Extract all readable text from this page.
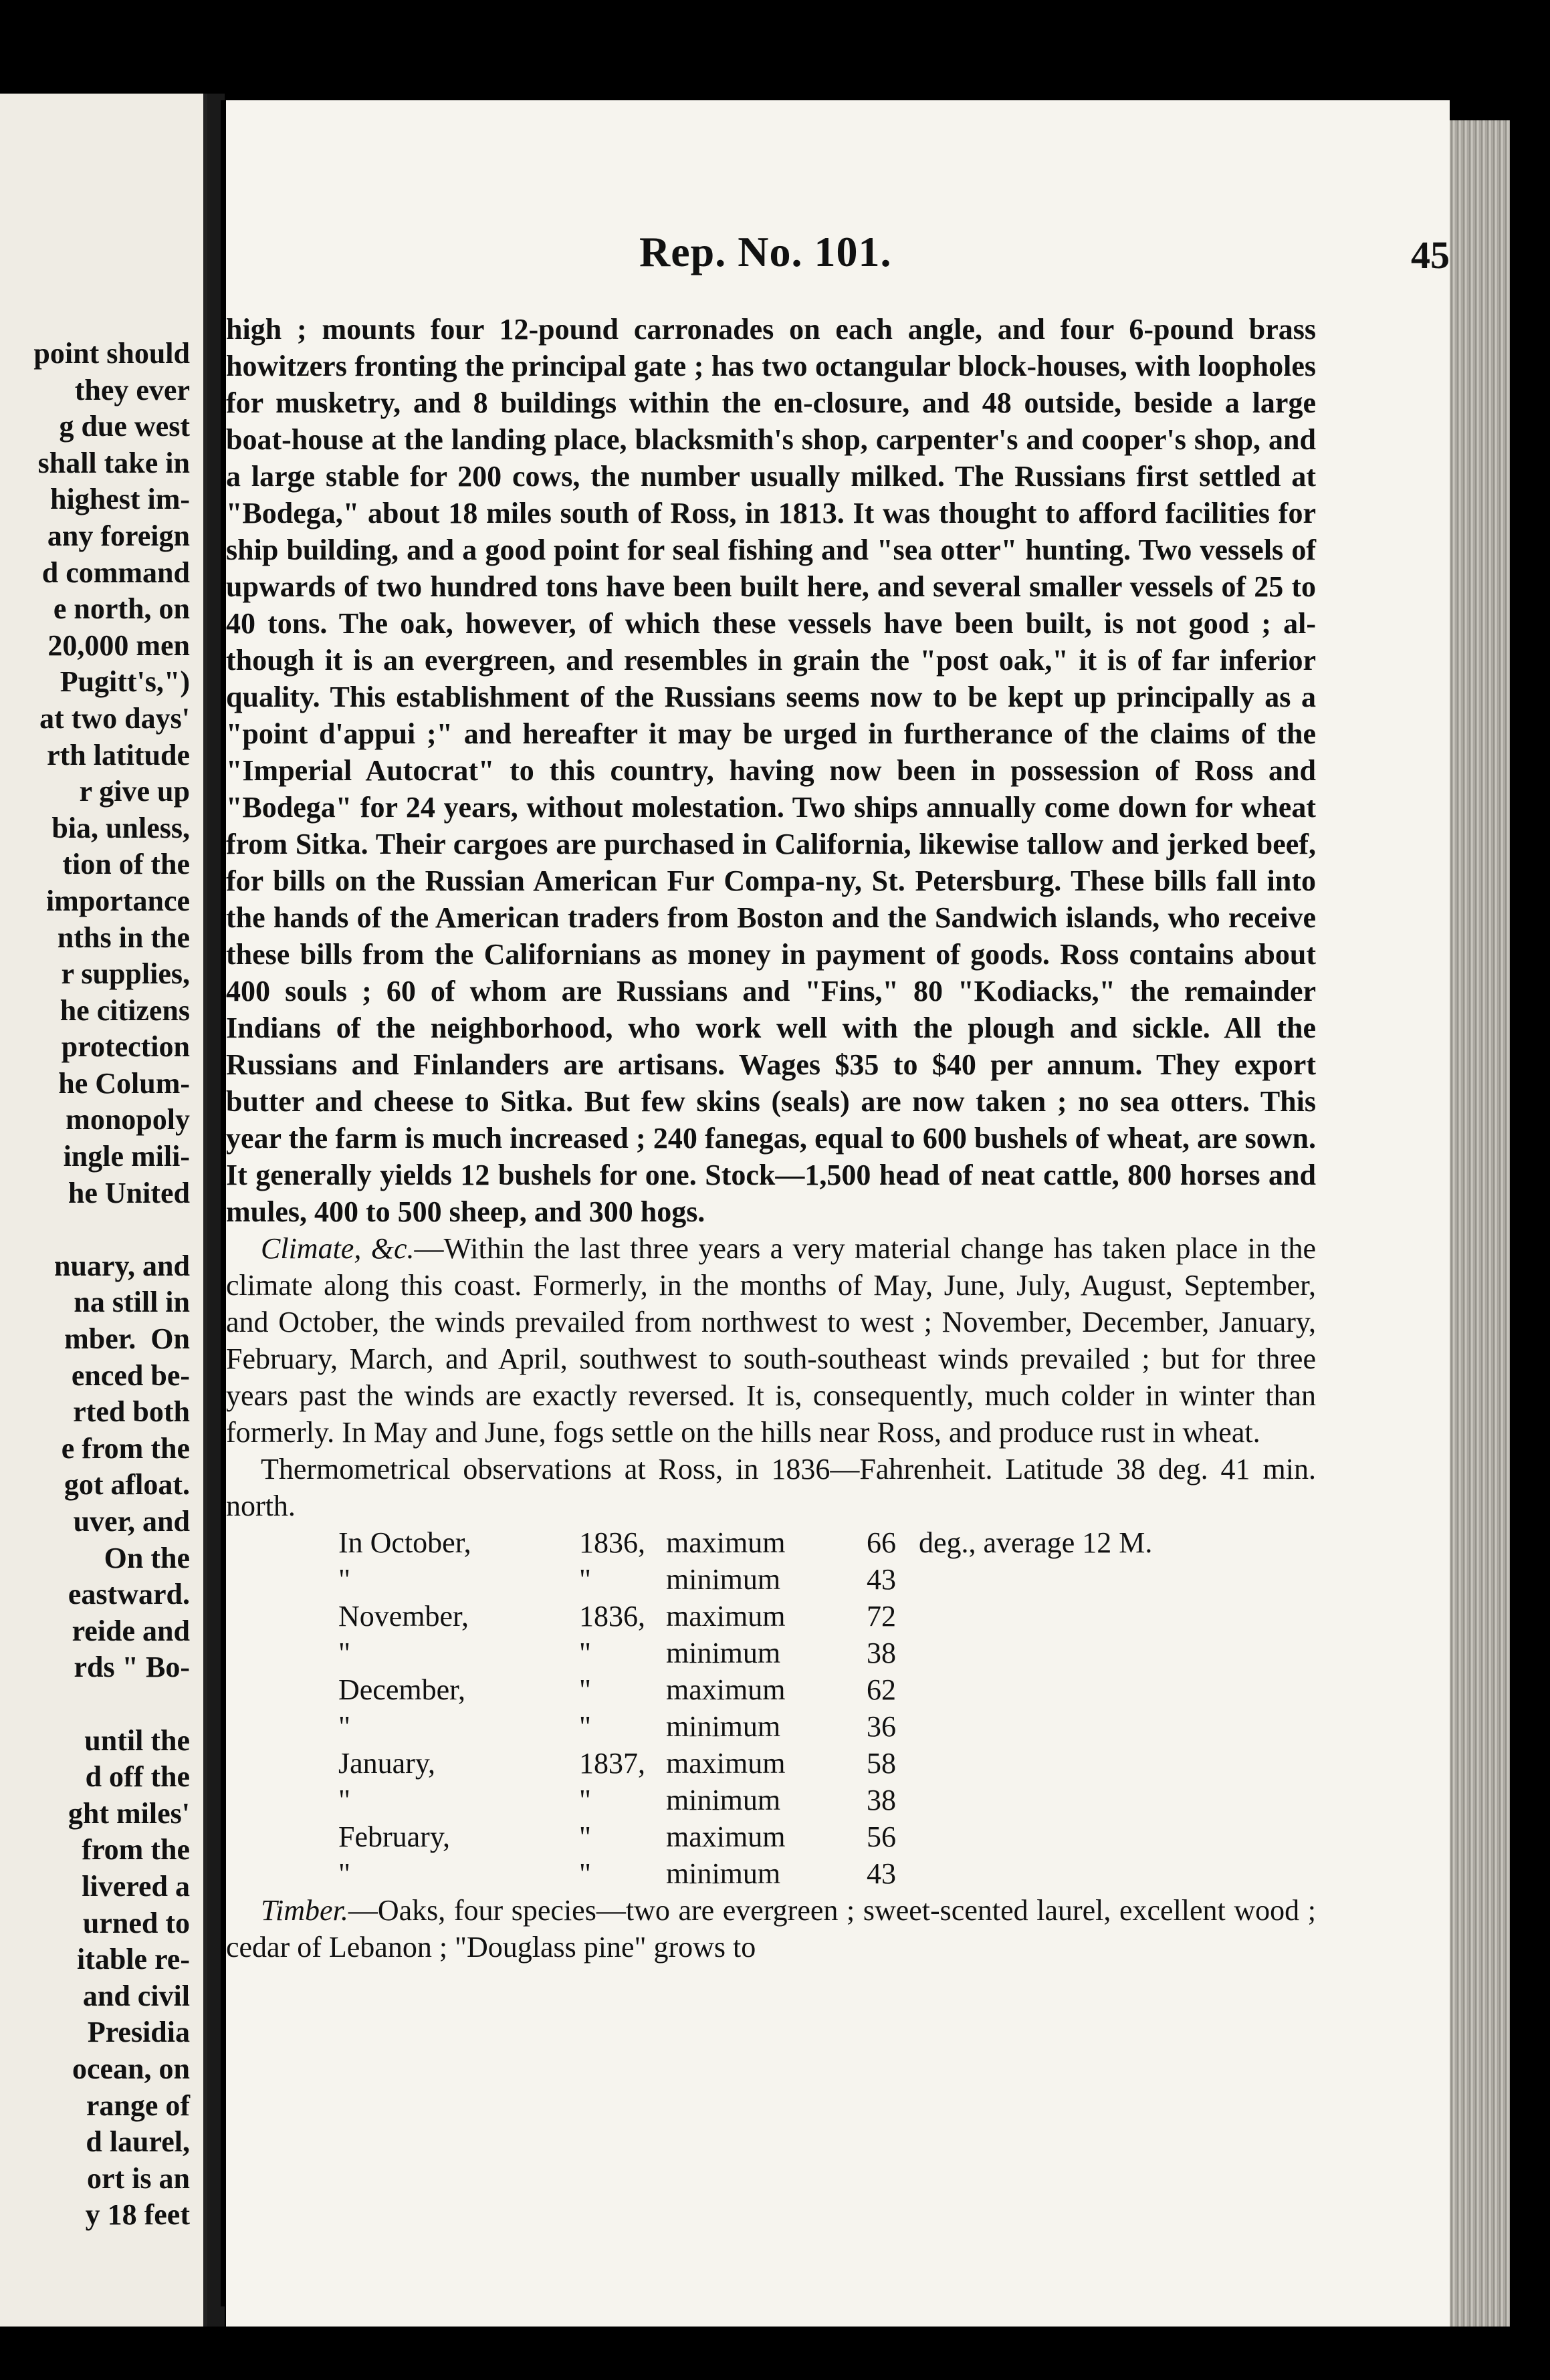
point should
they ever
g due west
shall take in
highest im-
any foreign
d command
e north, on
20,000 men
Pugitt's,")
at two days'
rth latitude
r give up
bia, unless,
tion of the
importance
nths in the
r supplies,
he citizens
protection
he Colum-
monopoly
ingle mili-
he United
nuary, and
na still in
mber.  On
enced be-
rted both
e from the
got afloat.
uver, and
On the
eastward.
reide and
rds " Bo-
until the
d off the
ght miles'
from the
livered a
urned to
itable re-
and civil
Presidia
ocean, on
range of
d laurel,
ort is an
y 18 feet
Rep. No. 101.	45

high ; mounts four 12-pound carronades on each angle, and four 6-pound brass howitzers fronting the principal gate ; has two octangular block-houses, with loopholes for musketry, and 8 buildings within the en-closure, and 48 outside, beside a large boat-house at the landing place, blacksmith's shop, carpenter's and cooper's shop, and a large stable for 200 cows, the number usually milked. The Russians first settled at "Bodega," about 18 miles south of Ross, in 1813. It was thought to afford facilities for ship building, and a good point for seal fishing and "sea otter" hunting. Two vessels of upwards of two hundred tons have been built here, and several smaller vessels of 25 to 40 tons. The oak, however, of which these vessels have been built, is not good ; al-though it is an evergreen, and resembles in grain the "post oak," it is of far inferior quality. This establishment of the Russians seems now to be kept up principally as a "point d'appui ;" and hereafter it may be urged in furtherance of the claims of the "Imperial Autocrat" to this country, having now been in possession of Ross and "Bodega" for 24 years, without molestation. Two ships annually come down for wheat from Sitka. Their cargoes are purchased in California, likewise tallow and jerked beef, for bills on the Russian American Fur Compa-ny, St. Petersburg. These bills fall into the hands of the American traders from Boston and the Sandwich islands, who receive these bills from the Californians as money in payment of goods. Ross contains about 400 souls ; 60 of whom are Russians and "Fins," 80 "Kodiacks," the remainder Indians of the neighborhood, who work well with the plough and sickle. All the Russians and Finlanders are artisans. Wages $35 to $40 per annum. They export butter and cheese to Sitka. But few skins (seals) are now taken ; no sea otters. This year the farm is much increased ; 240 fanegas, equal to 600 bushels of wheat, are sown. It generally yields 12 bushels for one. Stock—1,500 head of neat cattle, 800 horses and mules, 400 to 500 sheep, and 300 hogs.

Climate, &c.—Within the last three years a very material change has taken place in the climate along this coast. Formerly, in the months of May, June, July, August, September, and October, the winds prevailed from northwest to west ; November, December, January, February, March, and April, southwest to south-southeast winds prevailed ; but for three years past the winds are exactly reversed. It is, consequently, much colder in winter than formerly. In May and June, fogs settle on the hills near Ross, and produce rust in wheat.

Thermometrical observations at Ross, in 1836—Fahrenheit. Latitude 38 deg. 41 min. north.

In October,	1836, maximum	66 deg., average 12 M.
"	"	minimum	43
November,	1836, maximum	72
"	"	minimum	38
December,	"	maximum	62
"	"	minimum	36
January,	1837, maximum	58
"	"	minimum	38
February,	"	maximum	56
"	"	minimum	43

Timber.—Oaks, four species—two are evergreen ; sweet-scented laurel, excellent wood ; cedar of Lebanon ; "Douglass pine" grows to
